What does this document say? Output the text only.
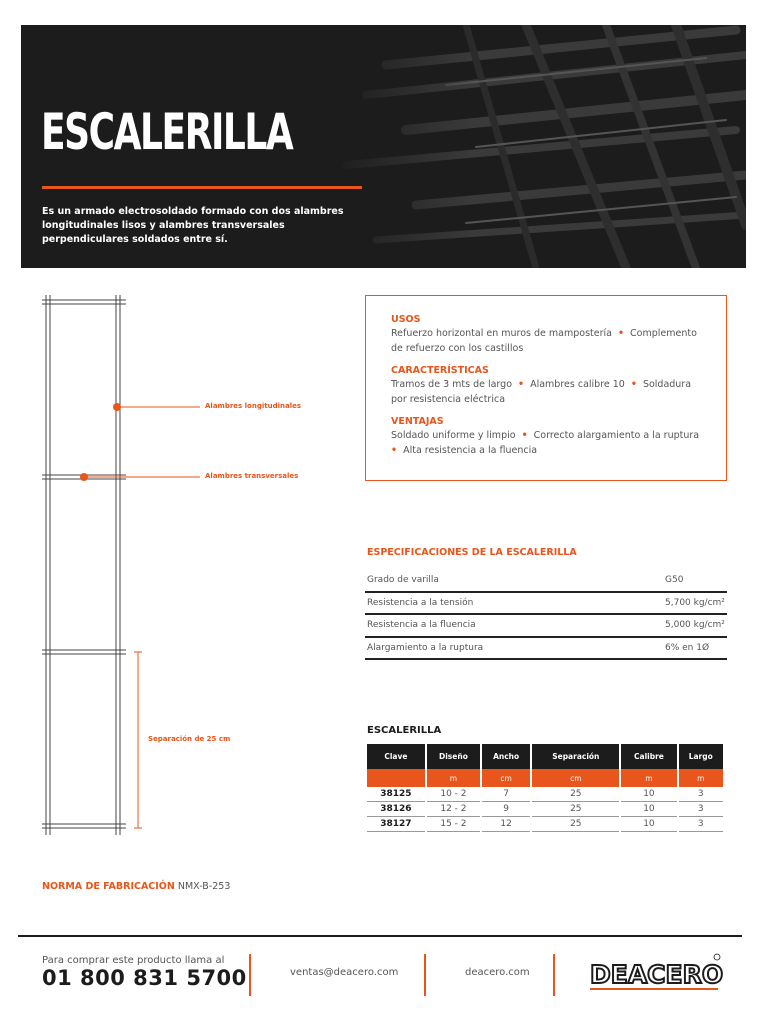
ESCALERILLA
Es un armado electrosoldado formado con dos alambres longitudinales lisos y alambres transversales perpendiculares soldados entre sí.
Alambres longitudinales
Alambres transversales
Separación de 25 cm
USOS
Refuerzo horizontal en muros de mampostería • Complemento de refuerzo con los castillos
CARACTERÍSTICAS
Tramos de 3 mts de largo • Alambres calibre 10 • Soldadura por resistencia eléctrica
VENTAJAS
Soldado uniforme y limpio • Correcto alargamiento a la ruptura
• Alta resistencia a la fluencia
ESPECIFICACIONES DE LA ESCALERILLA
Grado de varilla	G50
Resistencia a la tensión	5,700 kg/cm²
Resistencia a la fluencia	5,000 kg/cm²
Alargamiento a la ruptura	6% en 1Ø
ESCALERILLA
Clave	Diseño	Ancho	Separación	Calibre	Largo
	m	cm	cm	m	m
38125	10 - 2	7	25	10	3
38126	12 - 2	9	25	10	3
38127	15 - 2	12	25	10	3
NORMA DE FABRICACIÓN NMX-B-253
Para comprar este producto llama al
01 800 831 5700	ventas@deacero.com	deacero.com DEACERO
